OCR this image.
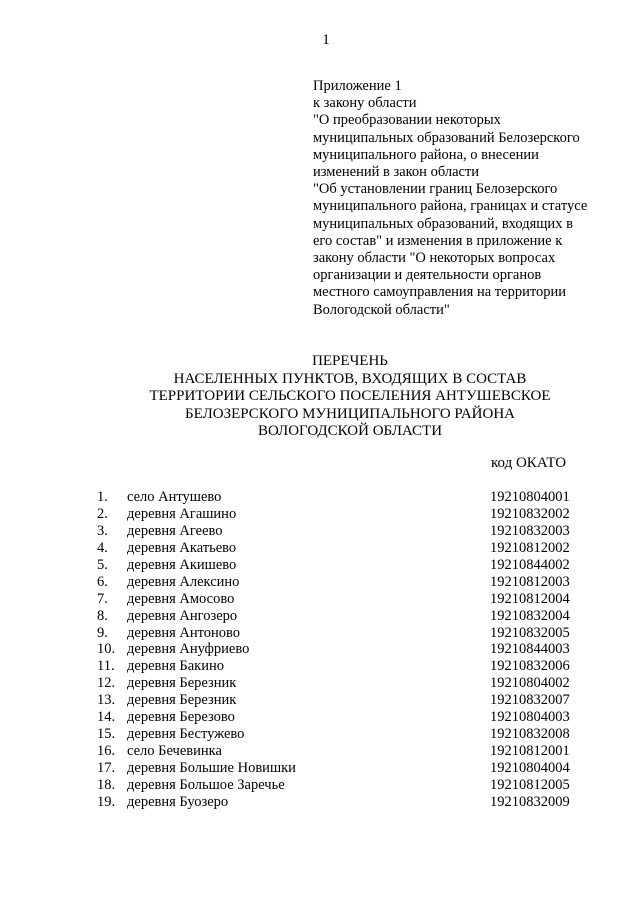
1
Приложение 1
к закону области
"О преобразовании некоторых
муниципальных образований Белозерского
муниципального района, о внесении
изменений в закон области
"Об установлении границ Белозерского
муниципального района, границах и статусе
муниципальных образований, входящих в
его состав" и изменения в приложение к
закону области "О некоторых вопросах
организации и деятельности органов
местного самоуправления на территории
Вологодской области"
ПЕРЕЧЕНЬ
НАСЕЛЕННЫХ ПУНКТОВ, ВХОДЯЩИХ В СОСТАВ
ТЕРРИТОРИИ СЕЛЬСКОГО ПОСЕЛЕНИЯ АНТУШЕВСКОЕ
БЕЛОЗЕРСКОГО МУНИЦИПАЛЬНОГО РАЙОНА
ВОЛОГОДСКОЙ ОБЛАСТИ
код ОКАТО
1. село Антушево	19210804001
2. деревня Агашино	19210832002
3. деревня Агеево	19210832003
4. деревня Акатьево	19210812002
5. деревня Акишево	19210844002
6. деревня Алексино	19210812003
7. деревня Амосово	19210812004
8. деревня Ангозеро	19210832004
9. деревня Антоново	19210832005
10. деревня Ануфриево	19210844003
11. деревня Бакино	19210832006
12. деревня Березник	19210804002
13. деревня Березник	19210832007
14. деревня Березово	19210804003
15. деревня Бестужево	19210832008
16. село Бечевинка	19210812001
17. деревня Большие Новишки	19210804004
18. деревня Большое Заречье	19210812005
19. деревня Буозеро	19210832009
